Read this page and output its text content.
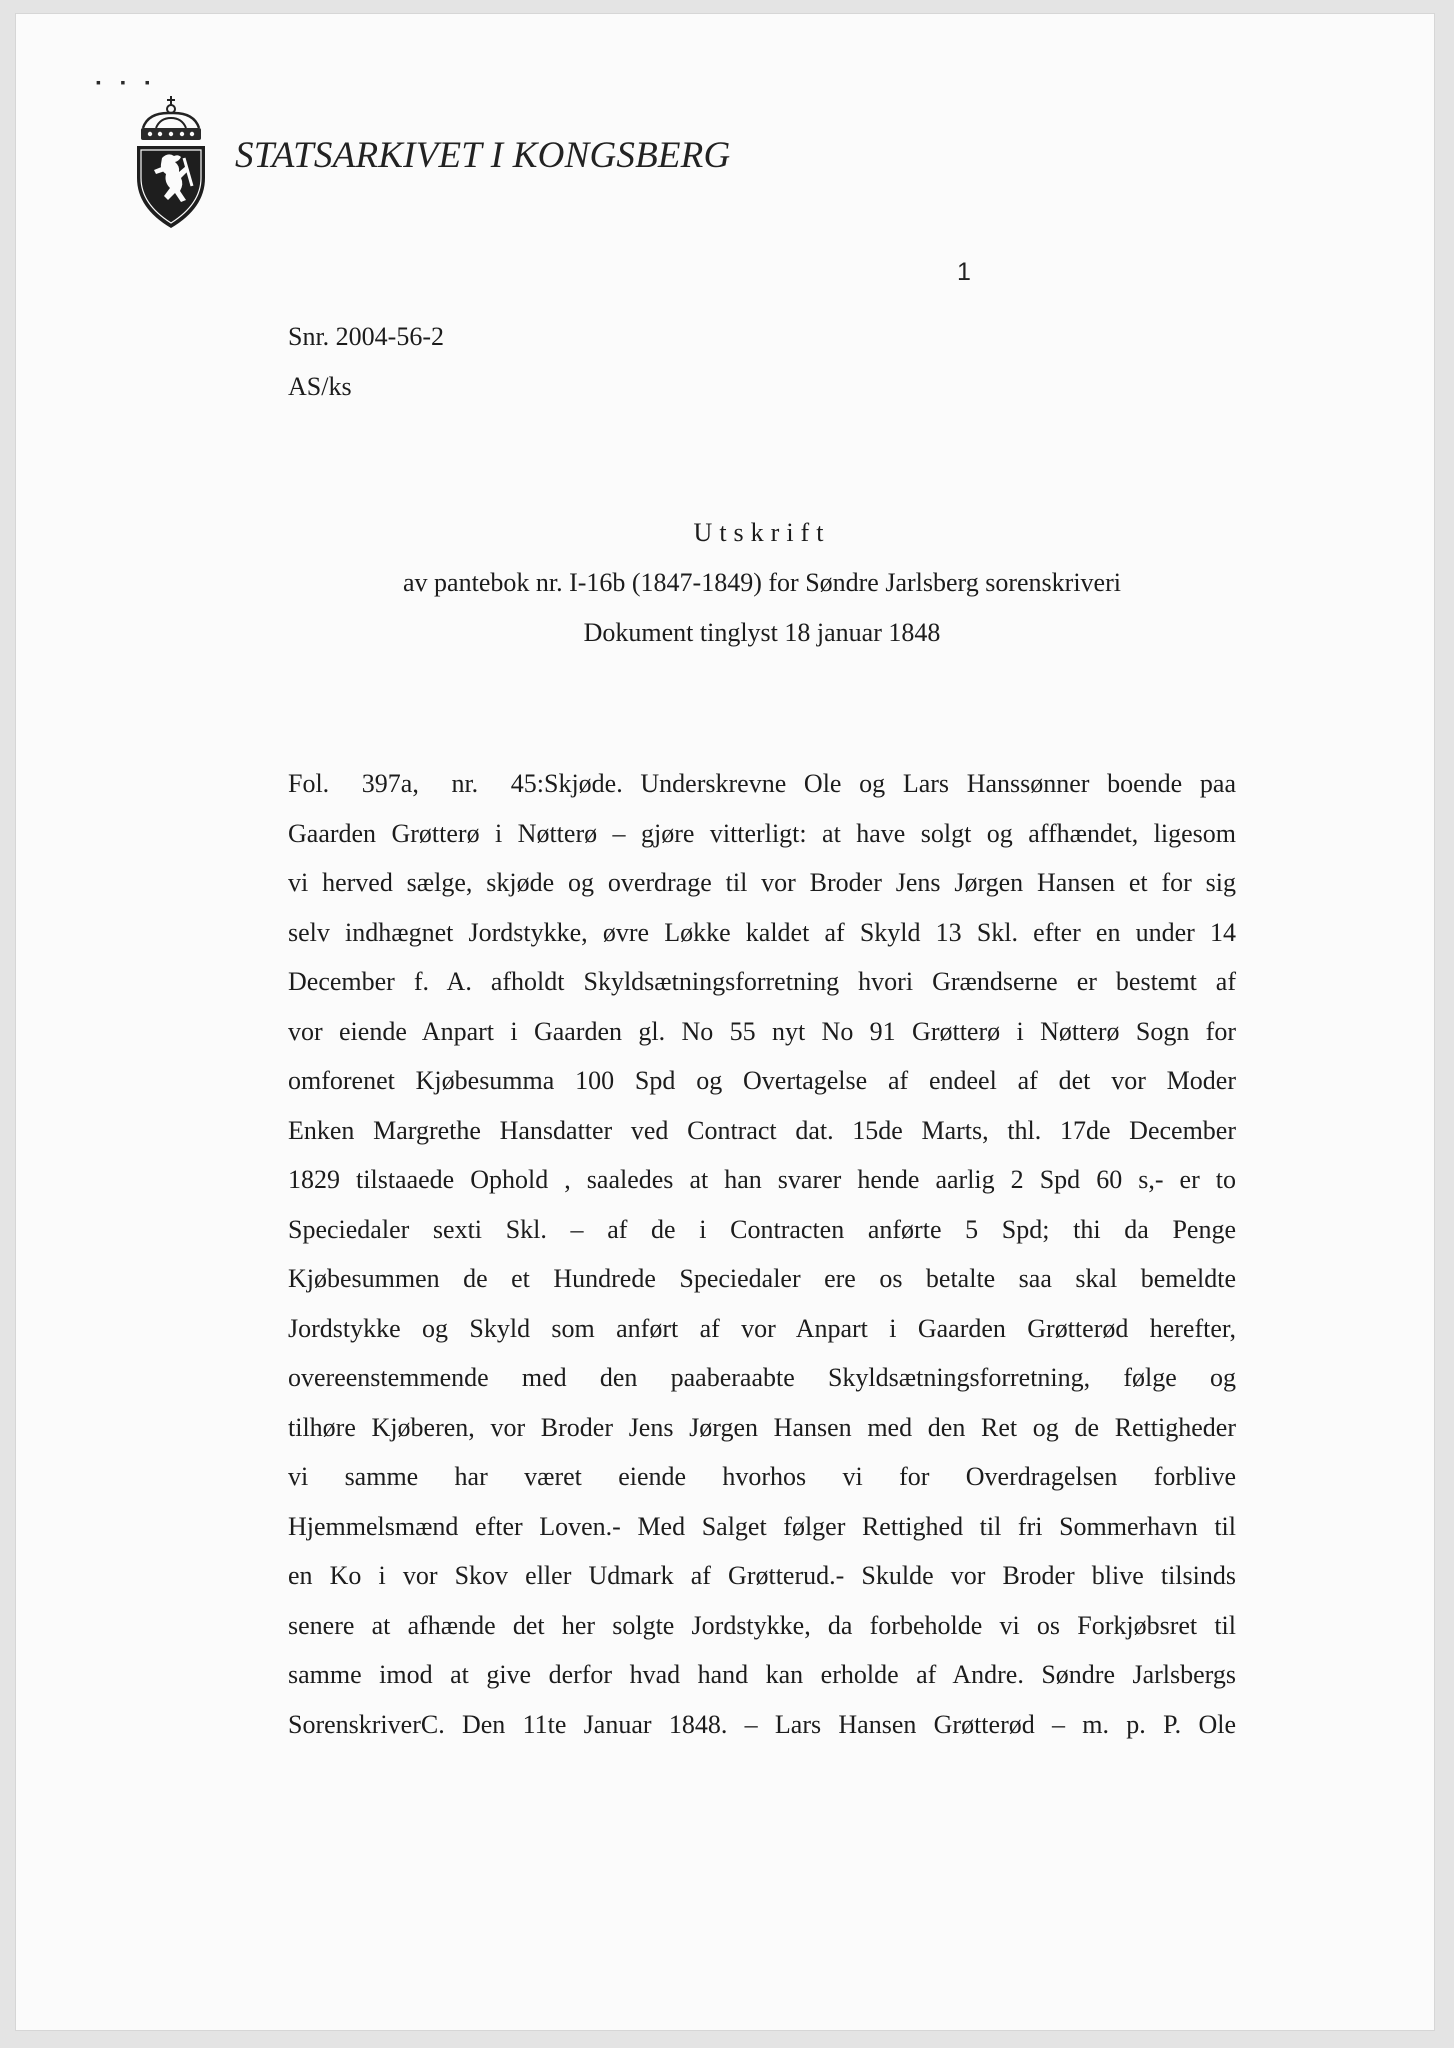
▪ ▪ ▪
STATSARKIVET I KONGSBERG
1
Snr. 2004-56-2
AS/ks
Utskrift
av pantebok nr. I-16b (1847-1849) for Søndre Jarlsberg sorenskriveri
Dokument tinglyst 18 januar 1848
Fol. 397a, nr. 45:Skjøde. Underskrevne Ole og Lars Hanssønner boende paa
Gaarden Grøtterø i Nøtterø – gjøre vitterligt: at have solgt og affhændet, ligesom
vi herved sælge, skjøde og overdrage til vor Broder Jens Jørgen Hansen et for sig
selv indhægnet Jordstykke, øvre Løkke kaldet af Skyld 13 Skl. efter en under 14
December f. A. afholdt Skyldsætningsforretning hvori Grændserne er bestemt af
vor eiende Anpart i Gaarden gl. No 55 nyt No 91 Grøtterø i Nøtterø Sogn for
omforenet Kjøbesumma 100 Spd og Overtagelse af endeel af det vor Moder
Enken Margrethe Hansdatter ved Contract dat. 15de Marts, thl. 17de December
1829 tilstaaede Ophold , saaledes at han svarer hende aarlig 2 Spd 60 s,- er to
Speciedaler sexti Skl. – af de i Contracten anførte 5 Spd; thi da Penge
Kjøbesummen de et Hundrede Speciedaler ere os betalte saa skal bemeldte
Jordstykke og Skyld som anført af vor Anpart i Gaarden Grøtterød herefter,
overeenstemmende med den paaberaabte Skyldsætningsforretning, følge og
tilhøre Kjøberen, vor Broder Jens Jørgen Hansen med den Ret og de Rettigheder
vi samme har været eiende hvorhos vi for Overdragelsen forblive
Hjemmelsmænd efter Loven.- Med Salget følger Rettighed til fri Sommerhavn til
en Ko i vor Skov eller Udmark af Grøtterud.- Skulde vor Broder blive tilsinds
senere at afhænde det her solgte Jordstykke, da forbeholde vi os Forkjøbsret til
samme imod at give derfor hvad hand kan erholde af Andre. Søndre Jarlsbergs
SorenskriverC. Den 11te Januar 1848. – Lars Hansen Grøtterød – m. p. P. Ole
